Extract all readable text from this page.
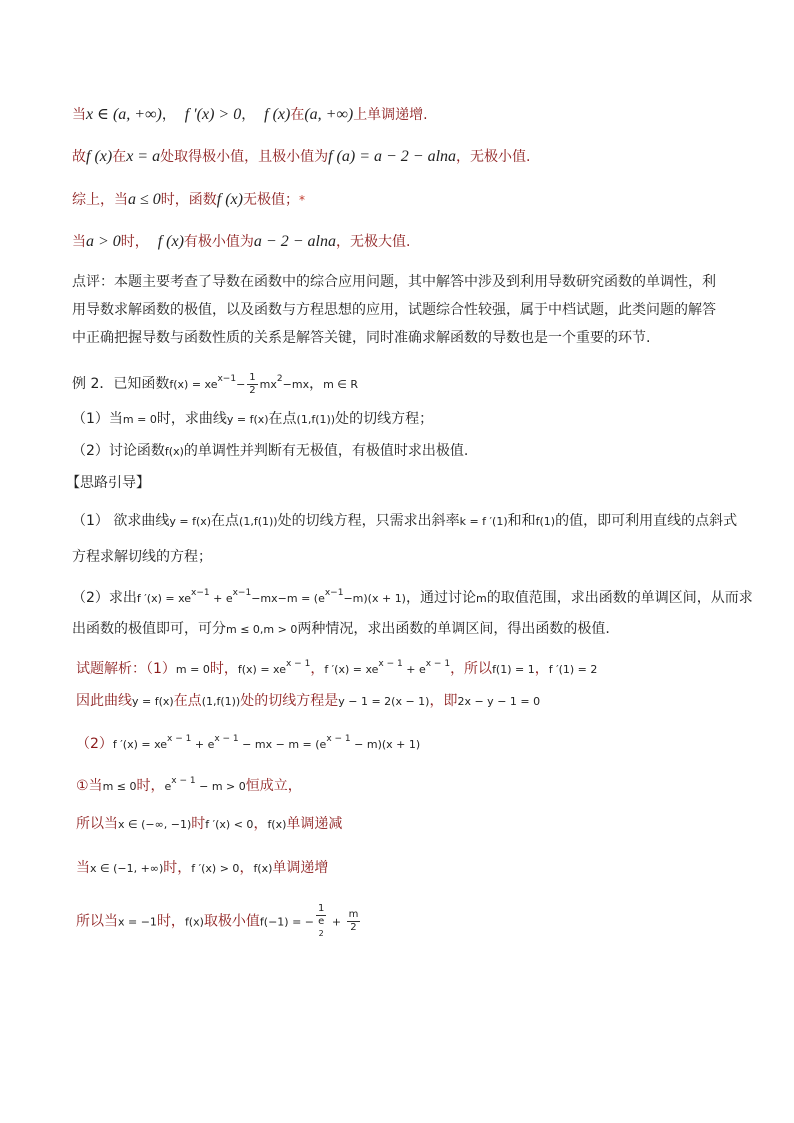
当x ∈ (a, +∞)， f ′(x) > 0， f (x)在(a, +∞)上单调递增.
故f (x)在x = a处取得极小值，且极小值为f (a) = a − 2 − alna，无极小值.
综上，当a ≤ 0时，函数f (x)无极值；*
当a > 0时， f (x)有极小值为a − 2 − alna，无极大值.
点评：本题主要考查了导数在函数中的综合应用问题，其中解答中涉及到利用导数研究函数的单调性，利用导数求解函数的极值，以及函数与方程思想的应用，试题综合性较强，属于中档试题，此类问题的解答中正确把握导数与函数性质的关系是解答关键，同时准确求解函数的导数也是一个重要的环节.
例 2．已知函数$f(x) = xe^{x-1}- \frac{1}{2} mx^2-mx$，m ∈ R
（1）当m = 0时，求曲线y = f(x)在点(1,f(1))处的切线方程；
（2）讨论函数f(x)的单调性并判断有无极值，有极值时求出极值.
【思路引导】
（1） 欲求曲线y = f(x)在点(1,f(1))处的切线方程，只需求出斜率k = f ′(1)和和f(1)的值，即可利用直线的点斜式
方程求解切线的方程；
（2）求出f $'(x) = xe^{x-1} + e^{x-1}-mx-m = (e^{x-1}-m)(x + 1)$，通过讨论m的取值范围，求出函数的单调区间，从而求
出函数的极值即可，可分m ≤ 0,m > 0两种情况，求出函数的单调区间，得出函数的极值.
试题解析：（1）m = 0时，$f(x) = xe^{x - 1}$，f $'(x) = xe^{x - 1} + e^{x - 1}$，所以f(1) = 1，f ′(1) = 2
因此曲线y = f(x)在点(1,f(1))处的切线方程是y − 1 = 2(x − 1)，即2x − y − 1 = 0
（2）f $'(x) = xe^{x - 1} + e^{x - 1}$ − mx − $m = (e^{x - 1} - m)(x + 1)$
①当m ≤ 0时，$e^{x - 1} - m > 0$恒成立，
所以当x ∈ (−∞, −1)时f ′(x) < 0，f(x)单调递减
当x ∈ (−1, +∞)时，f ′(x) > 0，f(x)单调递增
所以当x = −1时，f(x)取极小值f(−1) = − 1
e
$2 + \frac{m}{2}$
